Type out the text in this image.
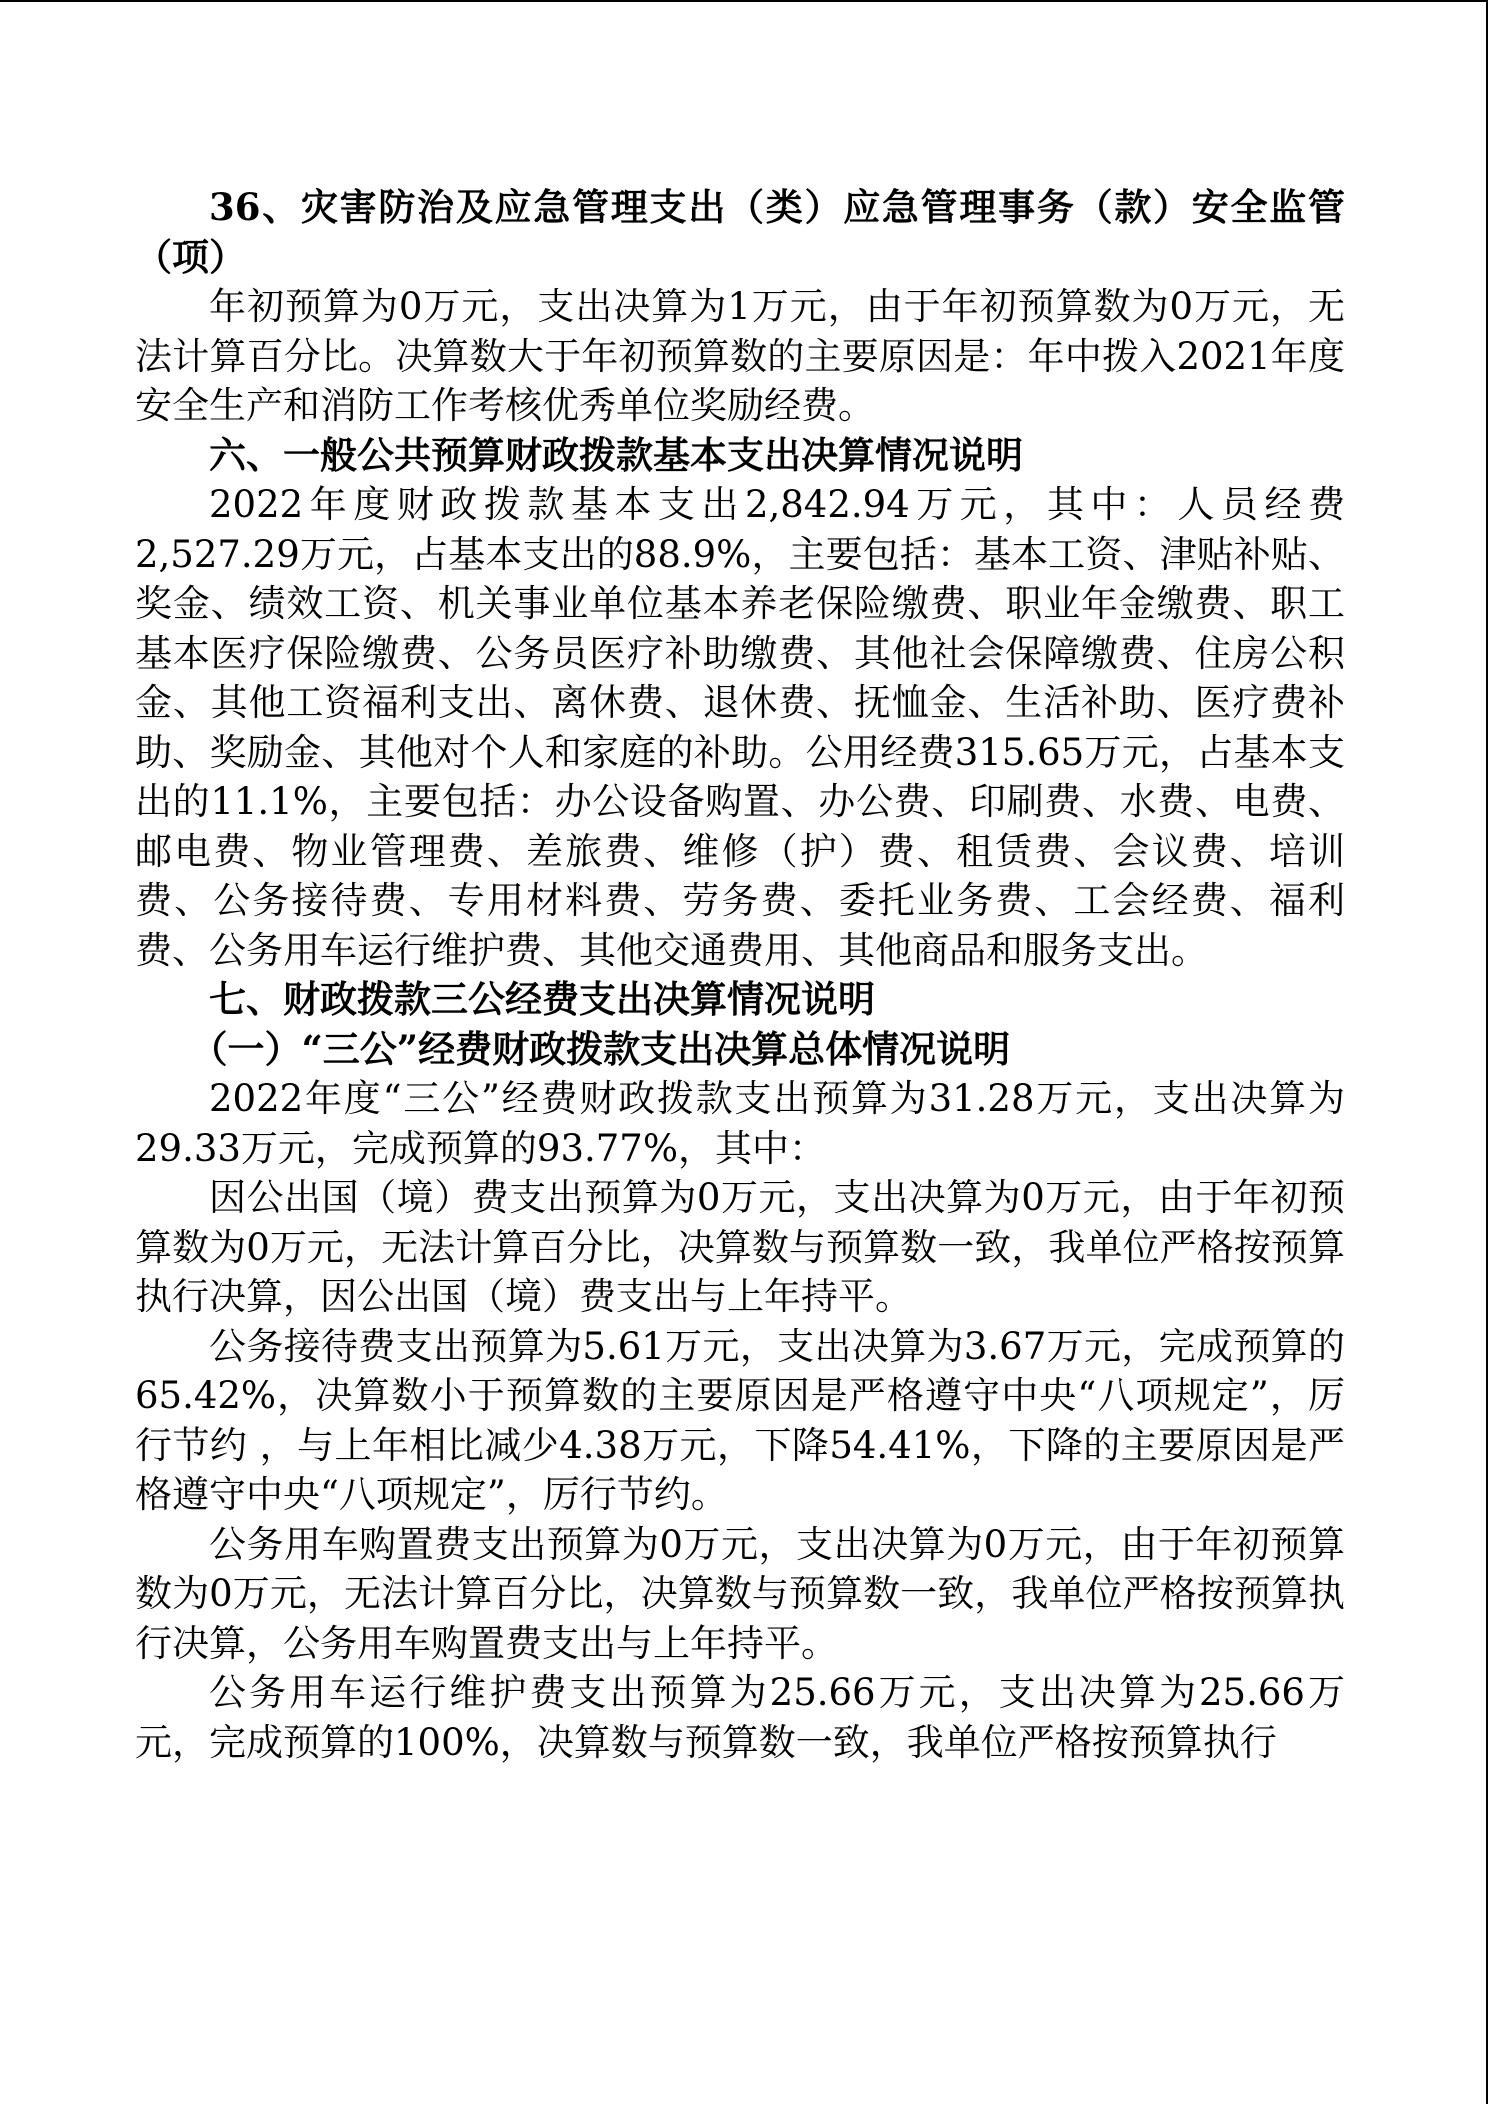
36、灾害防治及应急管理支出（类）应急管理事务（款）安全监管（项）

年初预算为0万元，支出决算为1万元，由于年初预算数为0万元，无法计算百分比。决算数大于年初预算数的主要原因是：年中拨入2021年度安全生产和消防工作考核优秀单位奖励经费。

六、一般公共预算财政拨款基本支出决算情况说明

2022年度财政拨款基本支出2,842.94万元，其中：人员经费2,527.29万元，占基本支出的88.9%，主要包括：基本工资、津贴补贴、奖金、绩效工资、机关事业单位基本养老保险缴费、职业年金缴费、职工基本医疗保险缴费、公务员医疗补助缴费、其他社会保障缴费、住房公积金、其他工资福利支出、离休费、退休费、抚恤金、生活补助、医疗费补助、奖励金、其他对个人和家庭的补助。公用经费315.65万元，占基本支出的11.1%，主要包括：办公设备购置、办公费、印刷费、水费、电费、邮电费、物业管理费、差旅费、维修（护）费、租赁费、会议费、培训费、公务接待费、专用材料费、劳务费、委托业务费、工会经费、福利费、公务用车运行维护费、其他交通费用、其他商品和服务支出。

七、财政拨款三公经费支出决算情况说明

（一）“三公”经费财政拨款支出决算总体情况说明

2022年度“三公”经费财政拨款支出预算为31.28万元，支出决算为29.33万元，完成预算的93.77%，其中：

因公出国（境）费支出预算为0万元，支出决算为0万元，由于年初预算数为0万元，无法计算百分比，决算数与预算数一致，我单位严格按预算执行决算，因公出国（境）费支出与上年持平。

公务接待费支出预算为5.61万元，支出决算为3.67万元，完成预算的65.42%，决算数小于预算数的主要原因是严格遵守中央“八项规定”，厉行节约 ，与上年相比减少4.38万元，下降54.41%，下降的主要原因是严格遵守中央“八项规定”，厉行节约。

公务用车购置费支出预算为0万元，支出决算为0万元，由于年初预算数为0万元，无法计算百分比，决算数与预算数一致，我单位严格按预算执行决算，公务用车购置费支出与上年持平。

公务用车运行维护费支出预算为25.66万元，支出决算为25.66万元，完成预算的100%，决算数与预算数一致，我单位严格按预算执行
